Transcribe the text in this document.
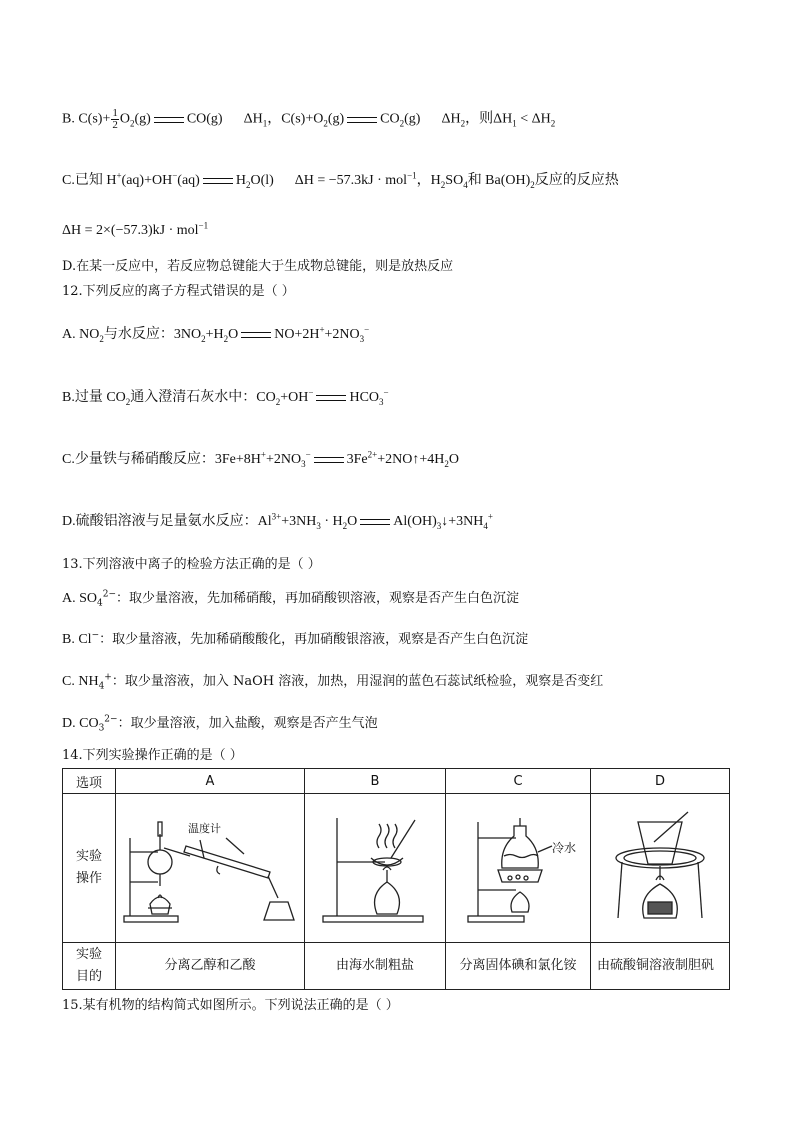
B. $C(s)+ \frac{1}{2} O_2(g)$	CO(g) $\Delta H_1$，$C(s)+O_2(g)$	$CO_2(g)$ $\Delta H_2$，则$\Delta H_1 < \Delta H_2$
C.已知 H+(aq)+OH−(aq)	$H_2O(l) \Delta H = -57.3kJ \cdot mol^{-1}$，$H_2SO_4$和 $Ba(OH)_2$反应的反应热
ΔH = 2×(−57.3)kJ · mol$^{-1}$
D.在某一反应中，若反应物总键能大于生成物总键能，则是放热反应
12.下列反应的离子方程式错误的是（ ）
A. $NO_2$与水反应：$3NO_2+H_2O$	$NO+2H^++2NO_3^-$
B.过量 $CO_2$通入澄清石灰水中：$CO_2+OH^-$	$HCO_3^-$
C.少量铁与稀硝酸反应：$3Fe+8H^++2NO_3^-$	$3Fe^{2+}+2NO↑+4H_2O$
D.硫酸铝溶液与足量氨水反应：$Al^{3+}+3NH_3 \cdot H_2O$	$Al(OH)_3↓+3NH_4^+$
13.下列溶液中离子的检验方法正确的是（ ）
A. $SO_4^{2-}$：取少量溶液，先加稀硝酸，再加硝酸钡溶液，观察是否产生白色沉淀
B. Cl−：取少量溶液，先加稀硝酸酸化，再加硝酸银溶液，观察是否产生白色沉淀
C. $NH_4^+$：取少量溶液，加入 NaOH 溶液，加热，用湿润的蓝色石蕊试纸检验，观察是否变红
D. $CO_3^{2-}$：取少量溶液，加入盐酸，观察是否产生气泡
14.下列实验操作正确的是（ ）
选项	A	B	C	D
实验操作	温度计		冷水

实验目的	分离乙醇和乙酸	由海水制粗盐	分离固体碘和氯化铵	由硫酸铜溶液制胆矾
15.某有机物的结构简式如图所示。下列说法正确的是（ ）
